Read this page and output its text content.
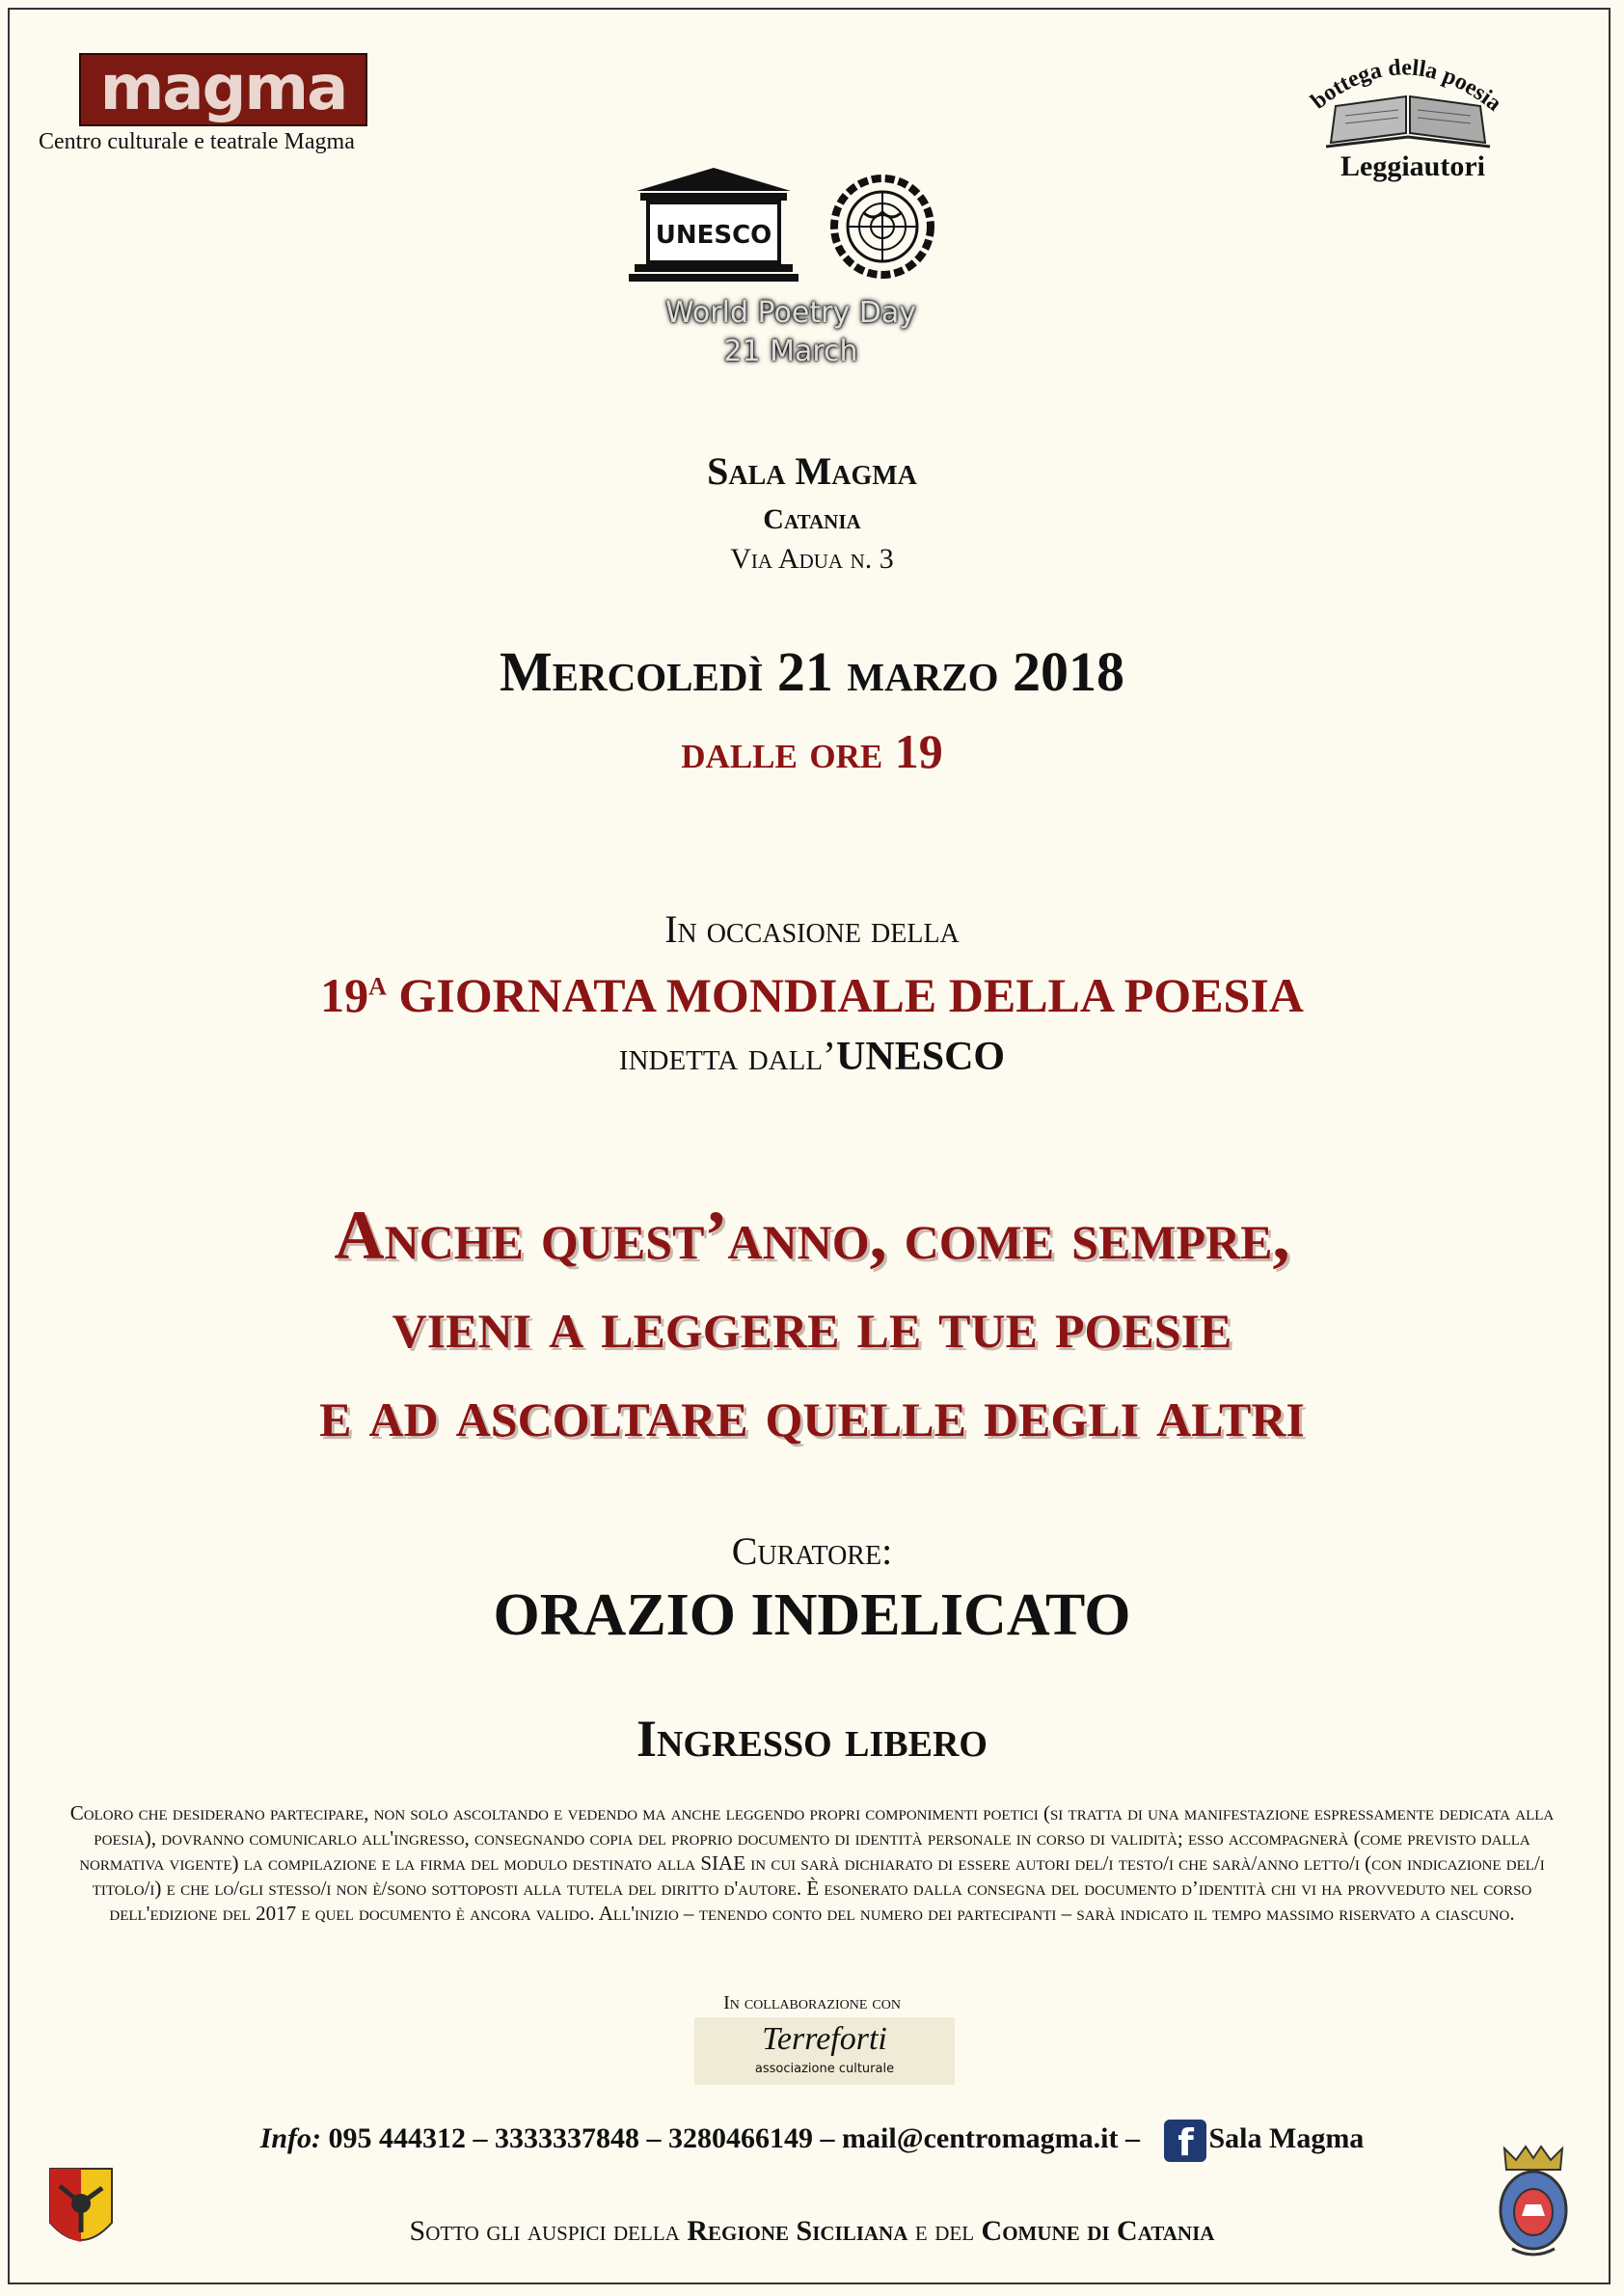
magma
Centro culturale e teatrale Magma
bottega della poesia
Leggiautori
UNESCO
World Poetry Day
21 March
Sala Magma
Catania
Via Adua n. 3
Mercoledì 21 marzo 2018
dalle ore 19
In occasione della
$19^A$ GIORNATA MONDIALE DELLA POESIA
indetta dall’UNESCO
Anche quest’anno, come sempre,
vieni a leggere le tue poesie
e ad ascoltare quelle degli altri
Curatore:
ORAZIO INDELICATO
Ingresso libero
Coloro che desiderano partecipare, non solo ascoltando e vedendo ma anche leggendo propri componimenti poetici (si tratta di una manifestazione espressamente dedicata alla poesia), dovranno comunicarlo all'ingresso, consegnando copia del proprio documento di identità personale in corso di validità; esso accompagnerà (come previsto dalla normativa vigente) la compilazione e la firma del modulo destinato alla SIAE in cui sarà dichiarato di essere autori del/i testo/i che sarà/anno letto/i (con indicazione del/i titolo/i) e che lo/gli stesso/i non è/sono sottoposti alla tutela del diritto d'autore. È esonerato dalla consegna del documento d’identità chi vi ha provveduto nel corso dell'edizione del 2017 e quel documento è ancora valido. All'inizio – tenendo conto del numero dei partecipanti – sarà indicato il tempo massimo riservato a ciascuno.
In collaborazione con
Terreforti
associazione culturale
Info: 095 444312 – 3333337848 – 3280466149 – mail@centromagma.it – f Sala Magma
Sotto gli auspici della Regione Siciliana e del Comune di Catania
